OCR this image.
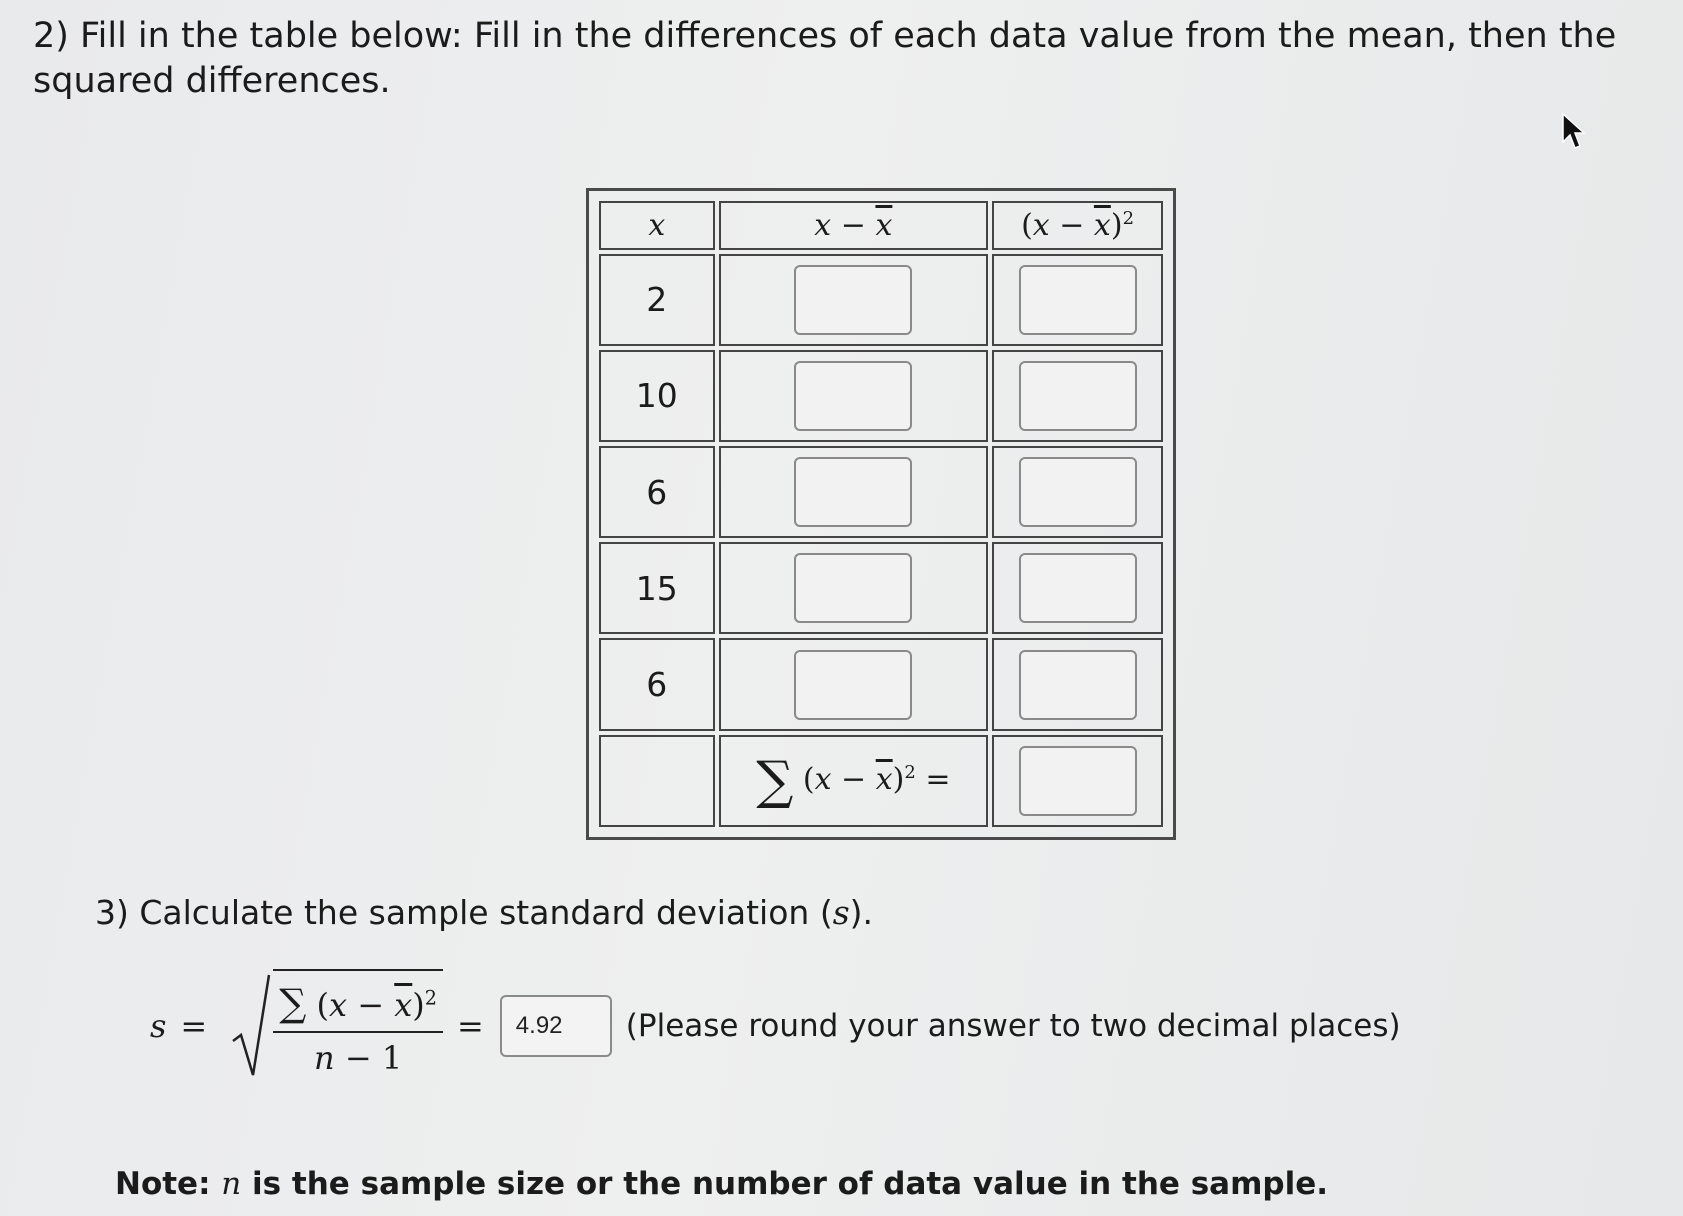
2) Fill in the table below: Fill in the differences of each data value from the mean, then the squared differences.
x	$x - \overline{x}$	$(x - \overline{x})^2$
2		
10		
6		
15		
6		
	∑ $(x - \overline{x})^2$ =	
3) Calculate the sample standard deviation (s).
$s = \frac{\sum (x - \overline{x})^2}{n - 1}$ =
4.92	(Please round your answer to two decimal places)
Note: n is the sample size or the number of data value in the sample.
